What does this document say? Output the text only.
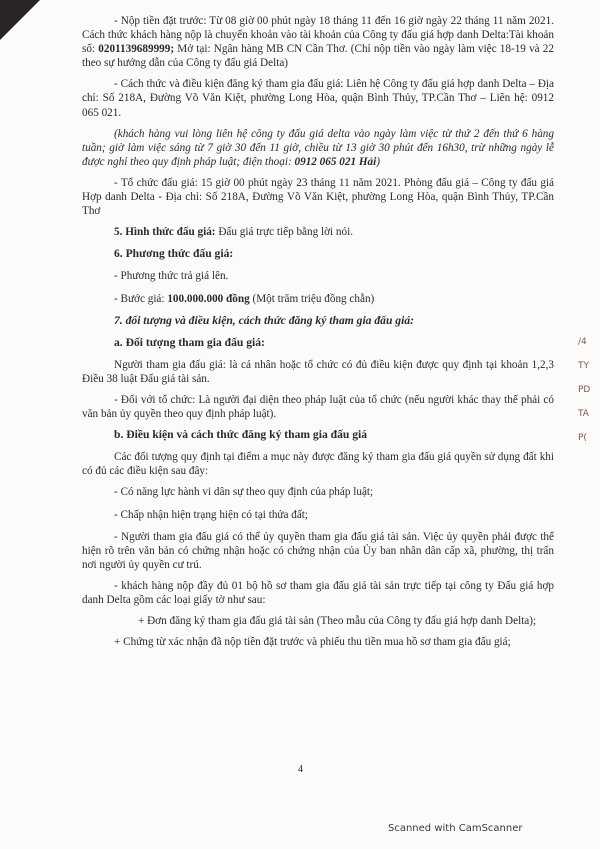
/4
TY
PD
TA
P(

- Nộp tiền đặt trước: Từ 08 giờ 00 phút ngày 18 tháng 11 đến 16 giờ ngày 22 tháng 11 năm 2021. Cách thức khách hàng nộp là chuyển khoản vào tài khoản của Công ty đấu giá hợp danh Delta:Tài khoản số: 0201139689999; Mở tại: Ngân hàng MB CN Cần Thơ. (Chỉ nộp tiền vào ngày làm việc 18-19 và 22 theo sự hướng dẫn của Công ty đấu giá Delta)

- Cách thức và điều kiện đăng ký tham gia đấu giá: Liên hệ Công ty đấu giá hợp danh Delta – Địa chỉ: Số 218A, Đường Võ Văn Kiệt, phường Long Hòa, quận Bình Thủy, TP.Cần Thơ – Liên hệ: 0912 065 021.

(khách hàng vui lòng liên hệ công ty đấu giá delta vào ngày làm việc từ thứ 2 đến thứ 6 hàng tuần; giờ làm việc sáng từ 7 giờ 30 đến 11 giờ, chiều từ 13 giờ 30 phút đến 16h30, trừ những ngày lễ được nghỉ theo quy định pháp luật; điện thoại: 0912 065 021 Hải)

- Tổ chức đấu giá: 15 giờ 00 phút ngày 23 tháng 11 năm 2021. Phòng đấu giá – Công ty đấu giá Hợp danh Delta - Địa chỉ: Số 218A, Đường Võ Văn Kiệt, phường Long Hòa, quận Bình Thủy, TP.Cần Thơ

5. Hình thức đấu giá: Đấu giá trực tiếp bằng lời nói.

6. Phương thức đấu giá:

- Phương thức trả giá lên.

- Bước giá: 100.000.000 đồng (Một trăm triệu đồng chẵn)

7. đối tượng và điều kiện, cách thức đăng ký tham gia đấu giá:

a. Đối tượng tham gia đấu giá:

Người tham gia đấu giá: là cá nhân hoặc tổ chức có đủ điều kiện được quy định tại khoản 1,2,3 Điều 38 luật Đấu giá tài sản.

- Đối với tổ chức: Là người đại diện theo pháp luật của tổ chức (nếu người khác thay thế phải có văn bản ủy quyền theo quy định pháp luật).

b. Điều kiện và cách thức đăng ký tham gia đấu giá

Các đối tượng quy định tại điểm a mục này được đăng ký tham gia đấu giá quyền sử dụng đất khi có đủ các điều kiện sau đây:

- Có năng lực hành vi dân sự theo quy định của pháp luật;

- Chấp nhận hiện trạng hiện có tại thửa đất;

- Người tham gia đấu giá có thể ủy quyền tham gia đấu giá tài sản. Việc ủy quyền phải được thể hiện rõ trên văn bản có chứng nhận hoặc có chứng nhận của Ủy ban nhân dân cấp xã, phường, thị trấn nơi người ủy quyền cư trú.

- khách hàng nộp đầy đủ 01 bộ hồ sơ tham gia đấu giá tài sản trực tiếp tại công ty Đấu giá hợp danh Delta gồm các loại giấy tờ như sau:

+ Đơn đăng ký tham gia đấu giá tài sản (Theo mẫu của Công ty đấu giá hợp danh Delta);

+ Chứng từ xác nhận đã nộp tiền đặt trước và phiếu thu tiền mua hồ sơ tham gia đấu giá;

4
Scanned with CamScanner
